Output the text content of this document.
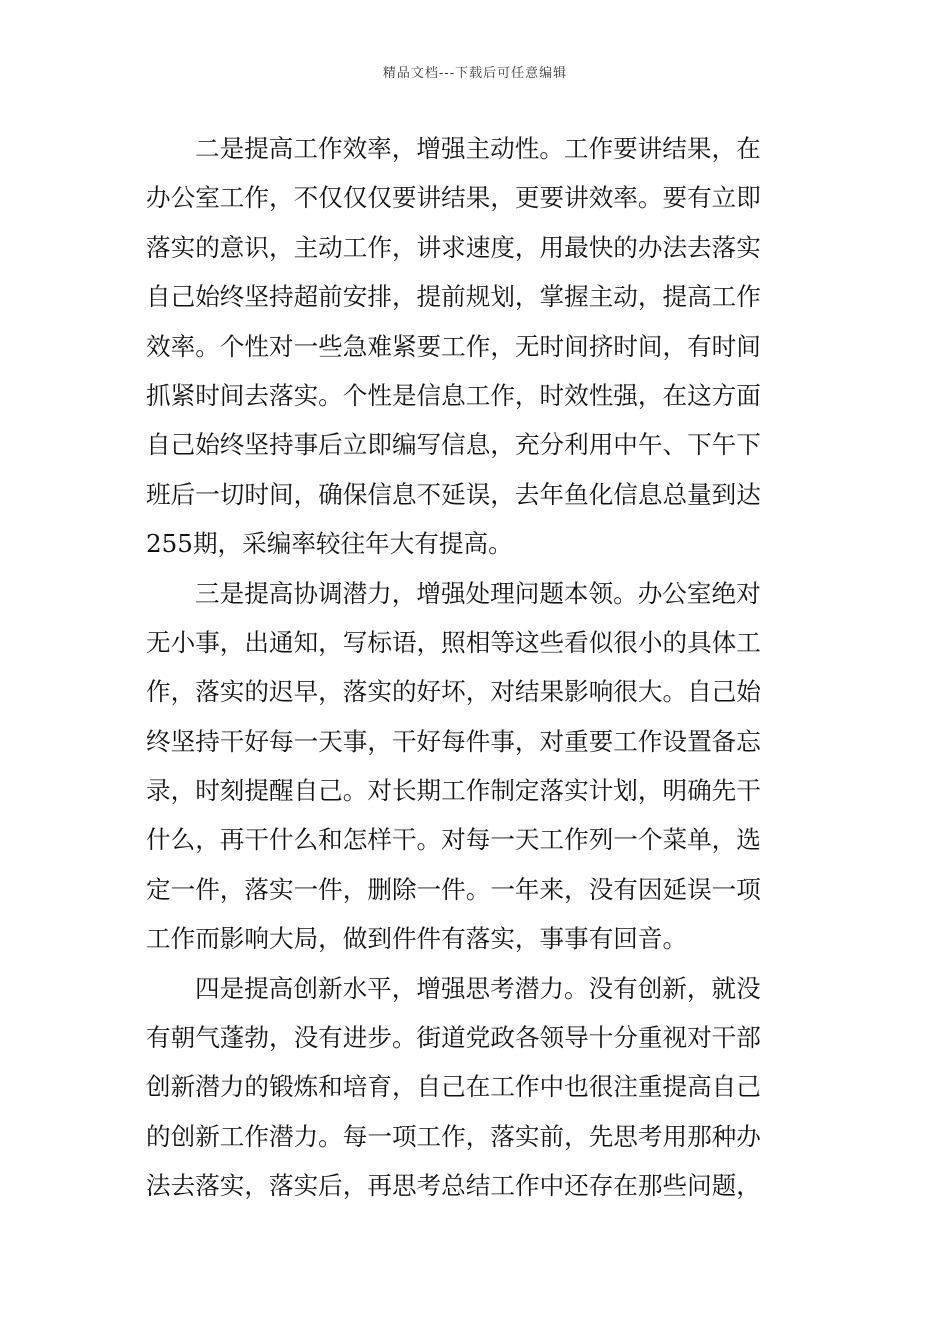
精品文档---下载后可任意编辑
二是提高工作效率，增强主动性。工作要讲结果，在
办公室工作，不仅仅仅要讲结果，更要讲效率。要有立即
落实的意识，主动工作，讲求速度，用最快的办法去落实
自己始终坚持超前安排，提前规划，掌握主动，提高工作
效率。个性对一些急难紧要工作，无时间挤时间，有时间
抓紧时间去落实。个性是信息工作，时效性强，在这方面
自己始终坚持事后立即编写信息，充分利用中午、下午下
班后一切时间，确保信息不延误，去年鱼化信息总量到达
255期，采编率较往年大有提高。
三是提高协调潜力，增强处理问题本领。办公室绝对
无小事，出通知，写标语，照相等这些看似很小的具体工
作，落实的迟早，落实的好坏，对结果影响很大。自己始
终坚持干好每一天事，干好每件事，对重要工作设置备忘
录，时刻提醒自己。对长期工作制定落实计划，明确先干
什么，再干什么和怎样干。对每一天工作列一个菜单，选
定一件，落实一件，删除一件。一年来，没有因延误一项
工作而影响大局，做到件件有落实，事事有回音。
四是提高创新水平，增强思考潜力。没有创新，就没
有朝气蓬勃，没有进步。街道党政各领导十分重视对干部
创新潜力的锻炼和培育，自己在工作中也很注重提高自己
的创新工作潜力。每一项工作，落实前，先思考用那种办
法去落实，落实后，再思考总结工作中还存在那些问题，
